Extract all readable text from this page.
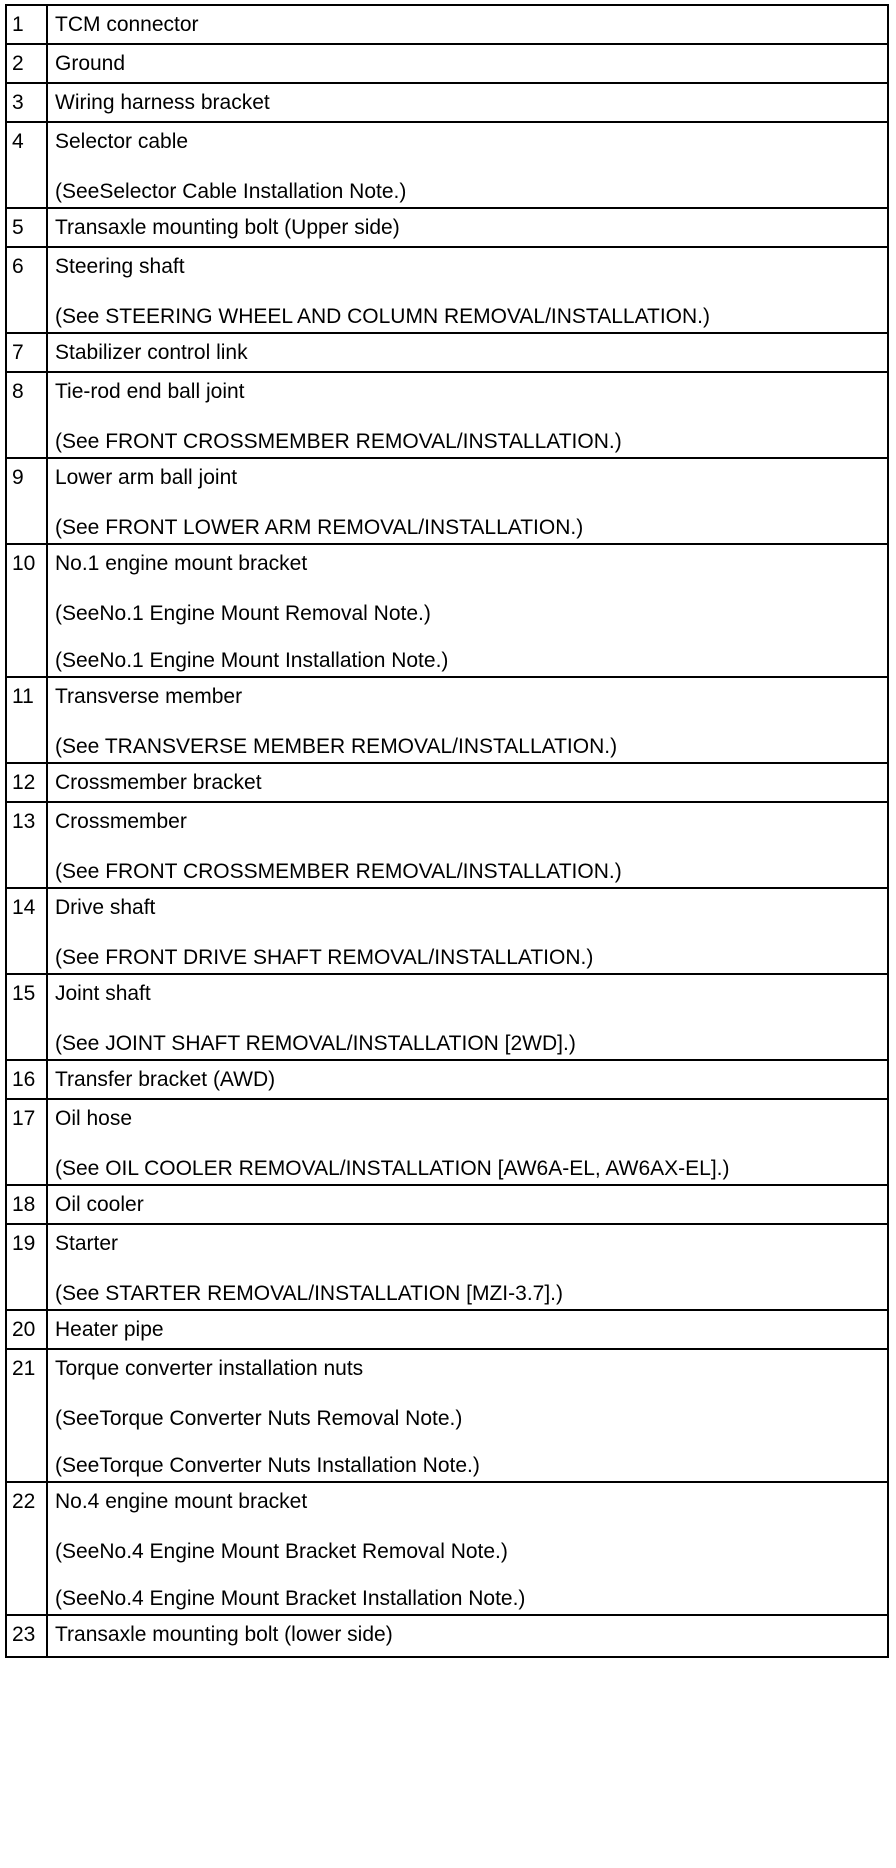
1	TCM connector

2	Ground

3	Wiring harness bracket

4	Selector cable
(SeeSelector Cable Installation Note.)

5	Transaxle mounting bolt (Upper side)

6	Steering shaft
(See STEERING WHEEL AND COLUMN REMOVAL/INSTALLATION.)

7	Stabilizer control link

8	Tie-rod end ball joint
(See FRONT CROSSMEMBER REMOVAL/INSTALLATION.)

9	Lower arm ball joint
(See FRONT LOWER ARM REMOVAL/INSTALLATION.)

10	No.1 engine mount bracket
(SeeNo.1 Engine Mount Removal Note.)
(SeeNo.1 Engine Mount Installation Note.)

11	Transverse member
(See TRANSVERSE MEMBER REMOVAL/INSTALLATION.)

12	Crossmember bracket

13	Crossmember
(See FRONT CROSSMEMBER REMOVAL/INSTALLATION.)

14	Drive shaft
(See FRONT DRIVE SHAFT REMOVAL/INSTALLATION.)

15	Joint shaft
(See JOINT SHAFT REMOVAL/INSTALLATION [2WD].)

16	Transfer bracket (AWD)

17	Oil hose
(See OIL COOLER REMOVAL/INSTALLATION [AW6A-EL, AW6AX-EL].)

18	Oil cooler

19	Starter
(See STARTER REMOVAL/INSTALLATION [MZI-3.7].)

20	Heater pipe

21	Torque converter installation nuts
(SeeTorque Converter Nuts Removal Note.)
(SeeTorque Converter Nuts Installation Note.)

22	No.4 engine mount bracket
(SeeNo.4 Engine Mount Bracket Removal Note.)
(SeeNo.4 Engine Mount Bracket Installation Note.)

23	Transaxle mounting bolt (lower side)
